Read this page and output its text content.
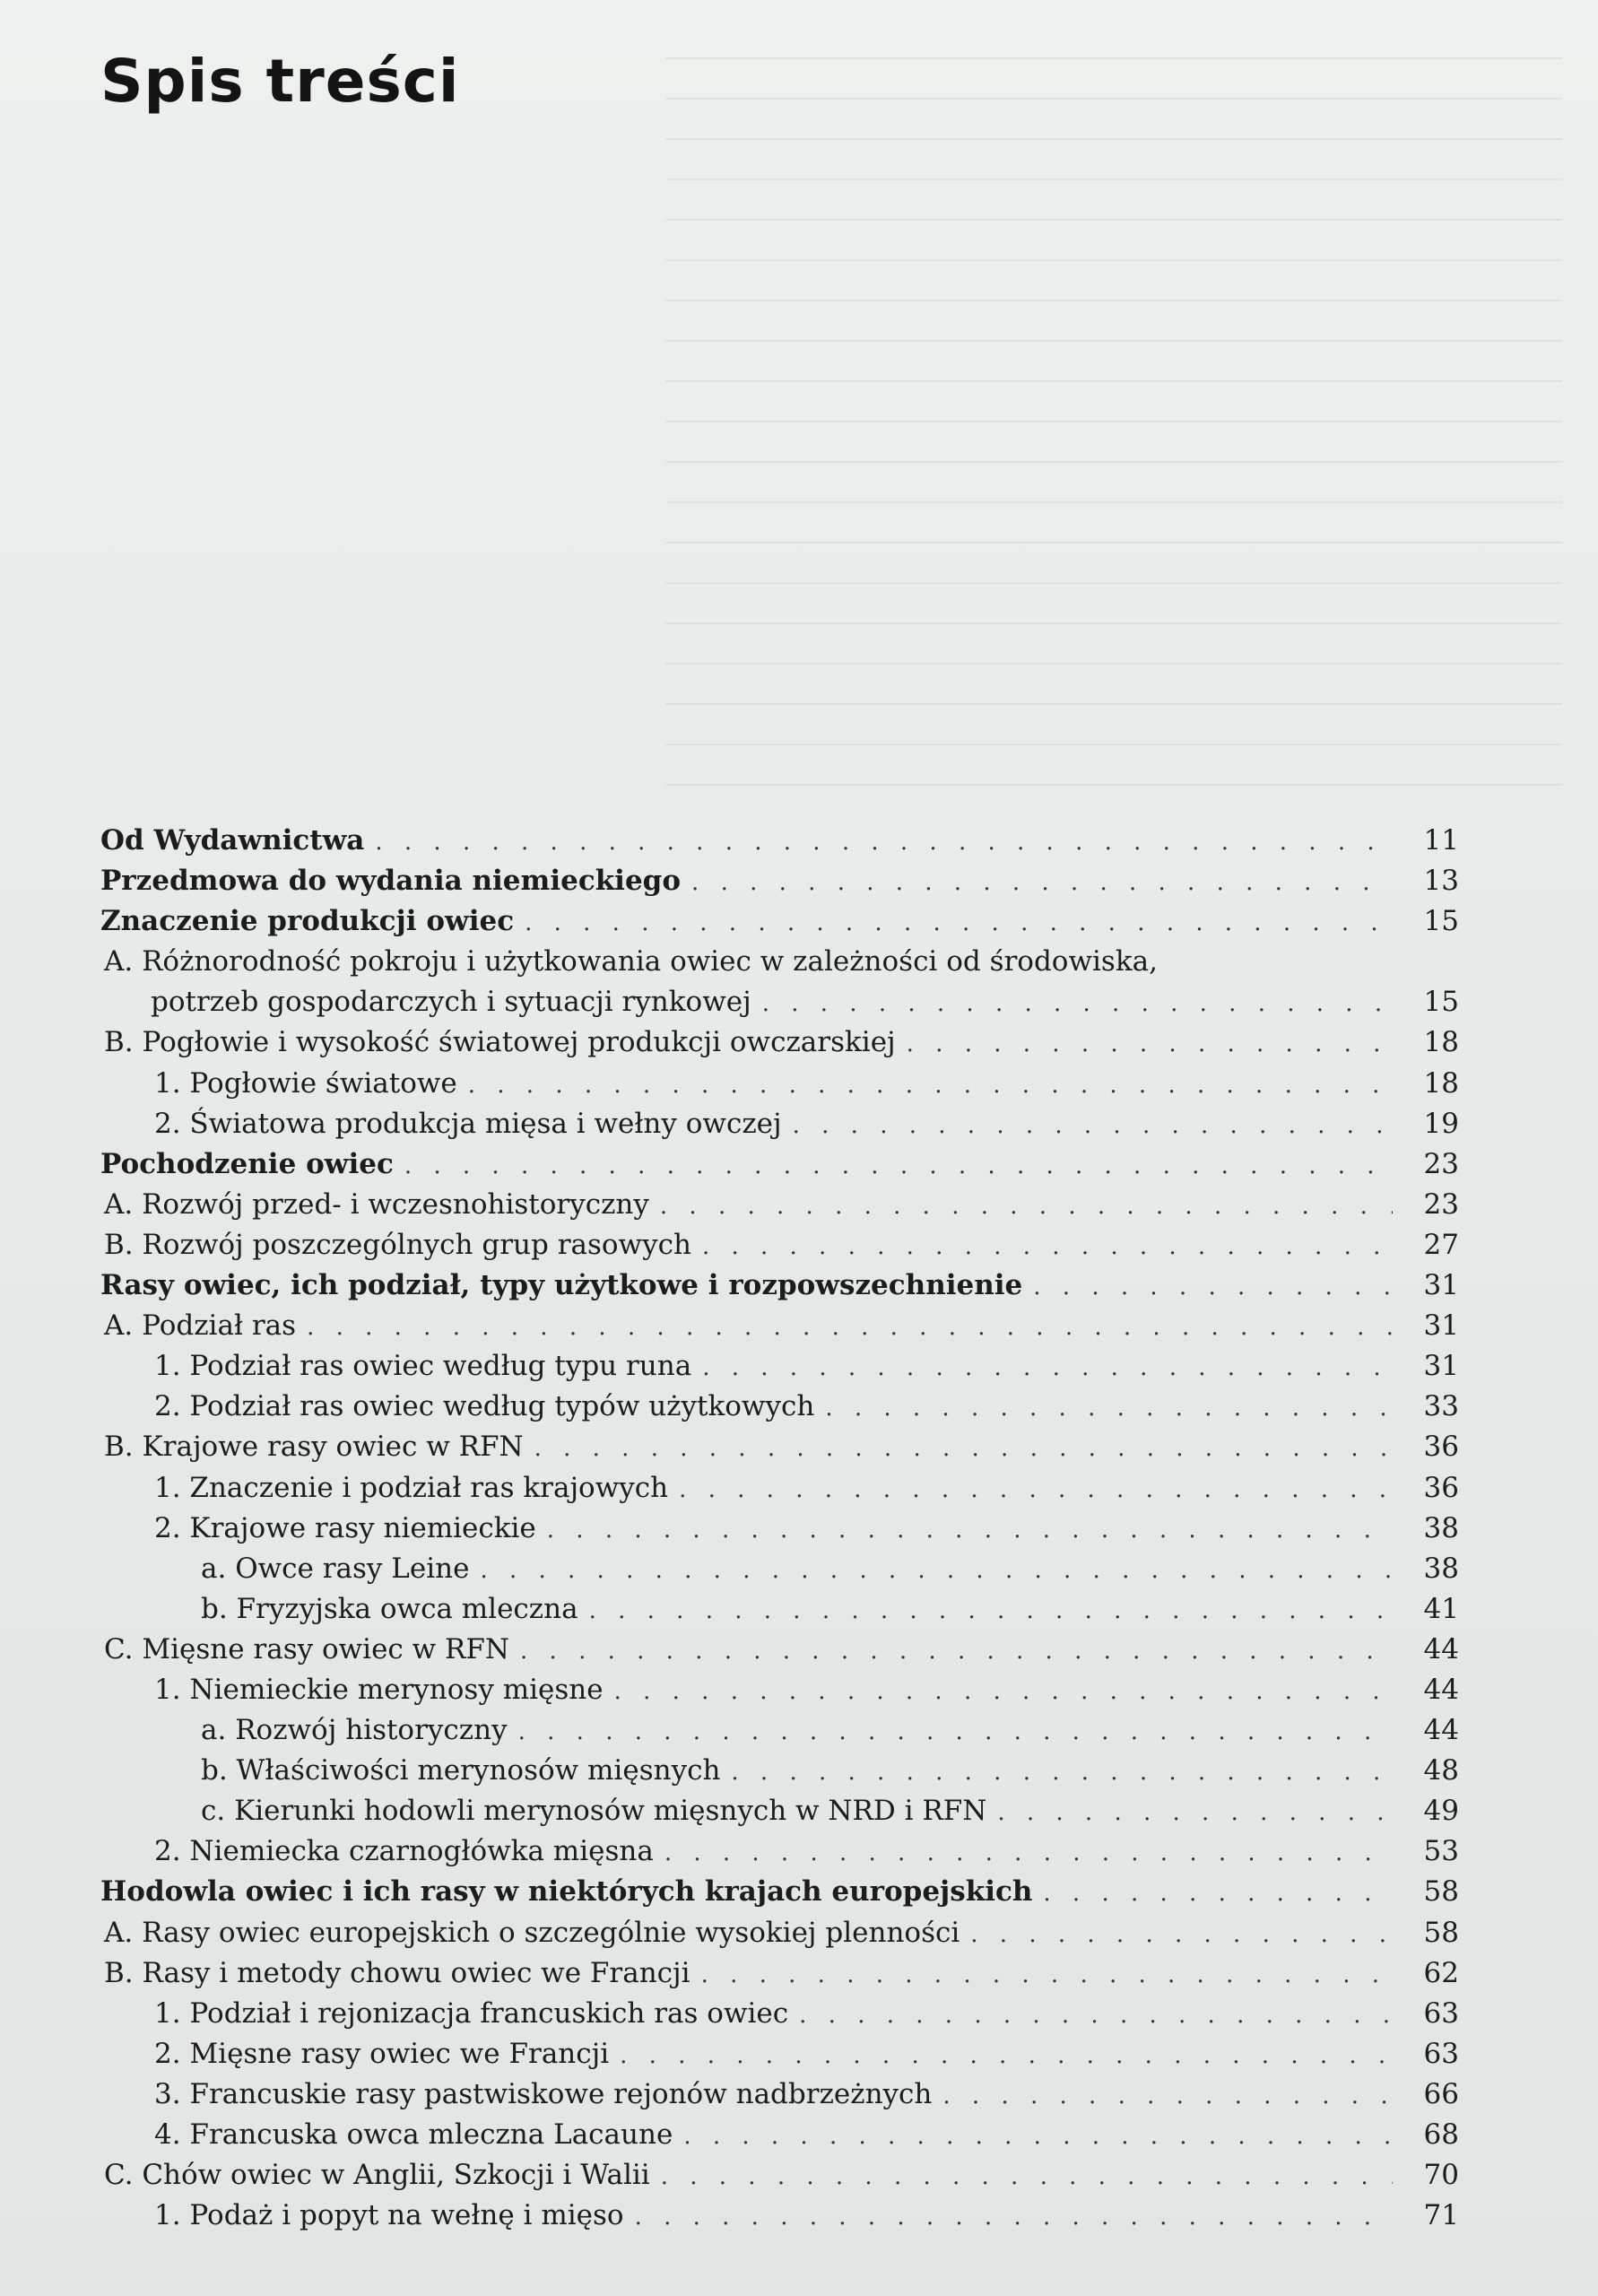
Spis treści
Od Wydawnictwa . . .	11
Przedmowa do wydania niemieckiego . . .	13
Znaczenie produkcji owiec . . .	15
A. Różnorodność pokroju i użytkowania owiec w zależności od środowiska,
potrzeb gospodarczych i sytuacji rynkowej . . .	15
B. Pogłowie i wysokość światowej produkcji owczarskiej . . .	18
1. Pogłowie światowe . . .	18
2. Światowa produkcja mięsa i wełny owczej . . .	19
Pochodzenie owiec . . .	23
A. Rozwój przed- i wczesnohistoryczny . . .	23
B. Rozwój poszczególnych grup rasowych . . .	27
Rasy owiec, ich podział, typy użytkowe i rozpowszechnienie . . .	31
A. Podział ras . . .	31
1. Podział ras owiec według typu runa . . .	31
2. Podział ras owiec według typów użytkowych . . .	33
B. Krajowe rasy owiec w RFN . . .	36
1. Znaczenie i podział ras krajowych . . .	36
2. Krajowe rasy niemieckie . . .	38
a. Owce rasy Leine . . .	38
b. Fryzyjska owca mleczna . . .	41
C. Mięsne rasy owiec w RFN . . .	44
1. Niemieckie merynosy mięsne . . .	44
a. Rozwój historyczny . . .	44
b. Właściwości merynosów mięsnych . . .	48
c. Kierunki hodowli merynosów mięsnych w NRD i RFN . . .	49
2. Niemiecka czarnogłówka mięsna . . .	53
Hodowla owiec i ich rasy w niektórych krajach europejskich . . .	58
A. Rasy owiec europejskich o szczególnie wysokiej plenności . . .	58
B. Rasy i metody chowu owiec we Francji . . .	62
1. Podział i rejonizacja francuskich ras owiec . . .	63
2. Mięsne rasy owiec we Francji . . .	63
3. Francuskie rasy pastwiskowe rejonów nadbrzeżnych . . .	66
4. Francuska owca mleczna Lacaune . . .	68
C. Chów owiec w Anglii, Szkocji i Walii . . .	70
1. Podaż i popyt na wełnę i mięso . . .	71
